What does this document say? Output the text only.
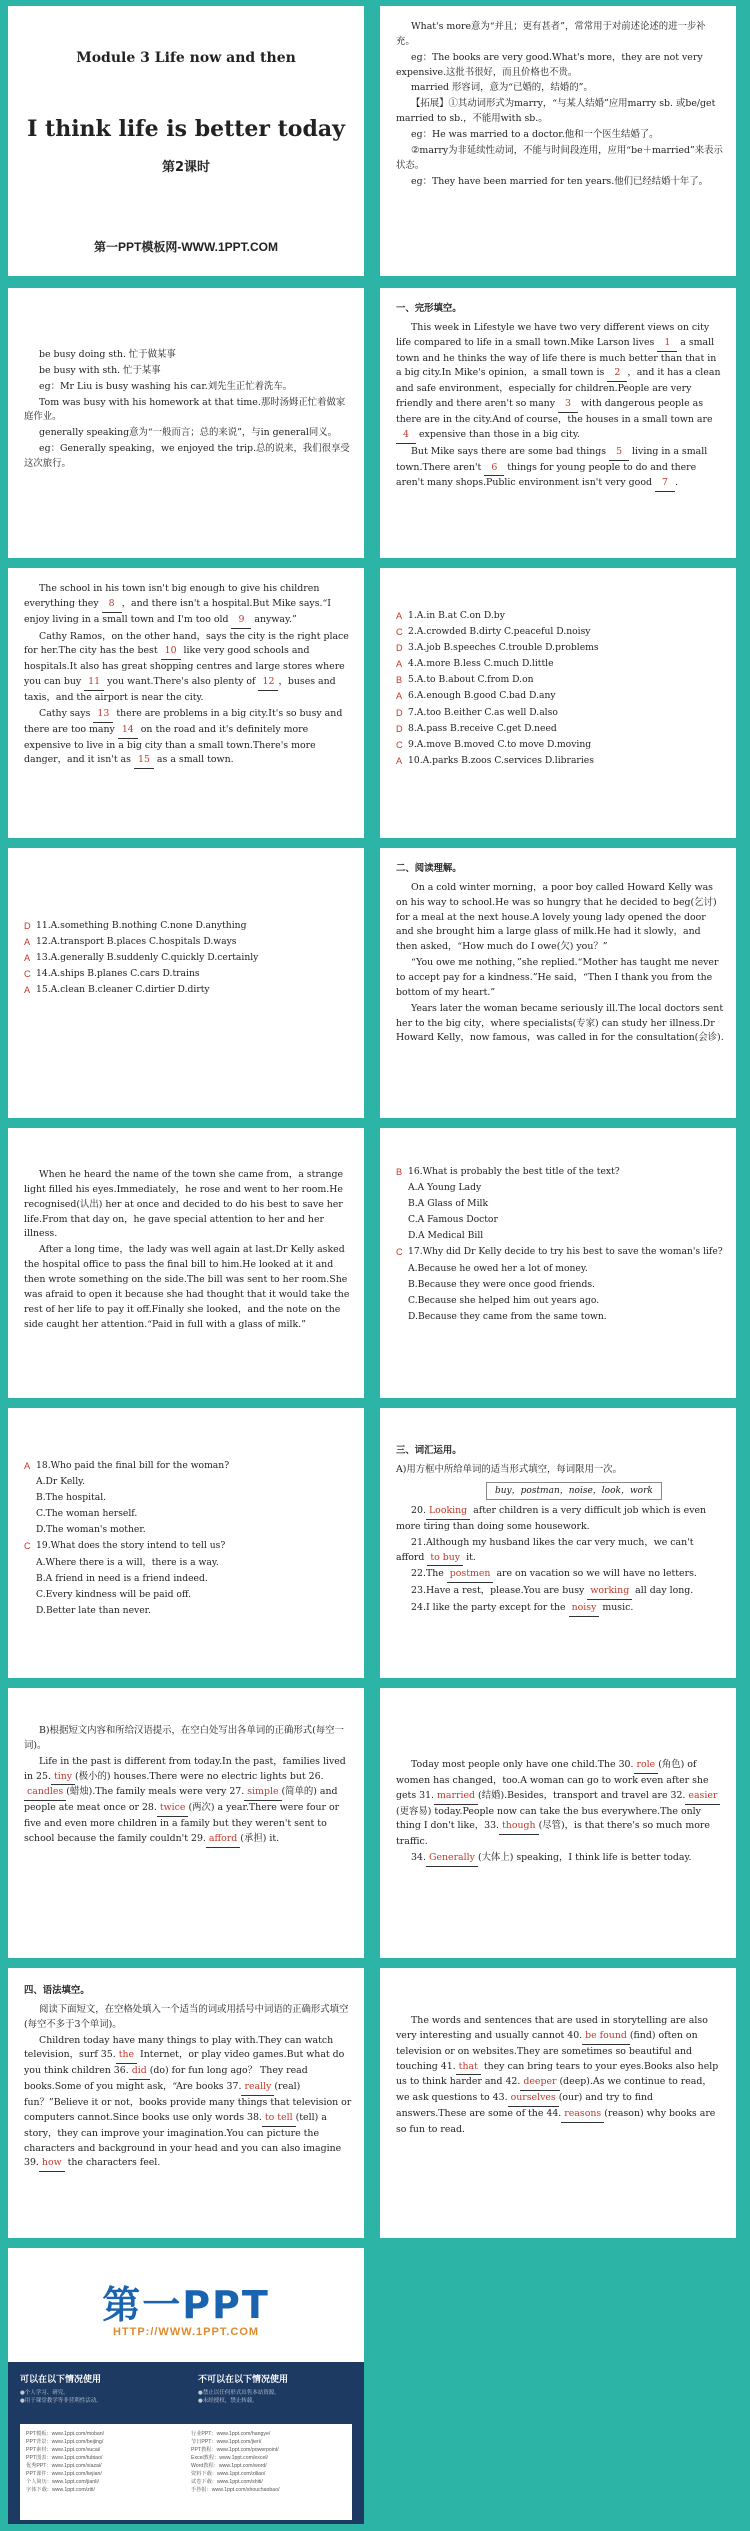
Module 3 Life now and then
I think life is better today
第2课时
第一PPT模板网-WWW.1PPT.COM

What's more意为“并且；更有甚者”，常常用于对前述论述的进一步补充。

eg：The books are very good.What's more，they are not very expensive.这批书很好，而且价格也不贵。

married 形容词，意为“已婚的，结婚的”。

【拓展】①其动词形式为marry，“与某人结婚”应用marry sb. 或be/get married to sb.，不能用with sb.。

eg：He was married to a doctor.他和一个医生结婚了。

②marry为非延续性动词，不能与时间段连用，应用“be＋married”来表示状态。

eg：They have been married for ten years.他们已经结婚十年了。

be busy doing sth. 忙于做某事

be busy with sth. 忙于某事

eg：Mr Liu is busy washing his car.刘先生正忙着洗车。

Tom was busy with his homework at that time.那时汤姆正忙着做家庭作业。

generally speaking意为“一般而言；总的来说”，与in general同义。

eg：Generally speaking，we enjoyed the trip.总的说来，我们很享受这次旅行。

一、完形填空。

This week in Lifestyle we have two very different views on city life compared to life in a small town.Mike Larson lives 1 a small town and he thinks the way of life there is much better than that in a big city.In Mike's opinion，a small town is 2 ，and it has a clean and safe environment，especially for children.People are very friendly and there aren't so many 3 with dangerous people as there are in the city.And of course，the houses in a small town are 4 expensive than those in a big city.

But Mike says there are some bad things 5 living in a small town.There aren't 6 things for young people to do and there aren't many shops.Public environment isn't very good 7 .

The school in his town isn't big enough to give his children everything they 8 ，and there isn't a hospital.But Mike says.“I enjoy living in a small town and I'm too old 9 anyway.”

Cathy Ramos，on the other hand，says the city is the right place for her.The city has the best 10 like very good schools and hospitals.It also has great shopping centres and large stores where you can buy 11 you want.There's also plenty of 12 ，buses and taxis，and the airport is near the city.

Cathy says 13 there are problems in a big city.It's so busy and there are too many 14 on the road and it's definitely more expensive to live in a big city than a small town.There's more danger，and it isn't as 15 as a small town.

A 1.A.in B.at C.on D.by
C 2.A.crowded B.dirty C.peaceful D.noisy
D 3.A.job B.speeches C.trouble D.problems
A 4.A.more B.less C.much D.little
B 5.A.to B.about C.from D.on
A 6.A.enough B.good C.bad D.any
D 7.A.too B.either C.as well D.also
D 8.A.pass B.receive C.get D.need
C 9.A.move B.moved C.to move D.moving
A 10.A.parks B.zoos C.services D.libraries
D 11.A.something B.nothing C.none D.anything
A 12.A.transport B.places C.hospitals D.ways
A 13.A.generally B.suddenly C.quickly D.certainly
C 14.A.ships B.planes C.cars D.trains
A 15.A.clean B.cleaner C.dirtier D.dirty
二、阅读理解。

On a cold winter morning，a poor boy called Howard Kelly was on his way to school.He was so hungry that he decided to beg(乞讨) for a meal at the next house.A lovely young lady opened the door and she brought him a large glass of milk.He had it slowly，and then asked，“How much do I owe(欠) you？”

“You owe me nothing，”she replied.“Mother has taught me never to accept pay for a kindness.”He said，“Then I thank you from the bottom of my heart.”

Years later the woman became seriously ill.The local doctors sent her to the big city，where specialists(专家) can study her illness.Dr Howard Kelly，now famous，was called in for the consultation(会诊).

When he heard the name of the town she came from，a strange light filled his eyes.Immediately，he rose and went to her room.He recognised(认出) her at once and decided to do his best to save her life.From that day on，he gave special attention to her and her illness.

After a long time，the lady was well again at last.Dr Kelly asked the hospital office to pass the final bill to him.He looked at it and then wrote something on the side.The bill was sent to her room.She was afraid to open it because she had thought that it would take the rest of her life to pay it off.Finally she looked，and the note on the side caught her attention.“Paid in full with a glass of milk.”

B 16.What is probably the best title of the text?
A.A Young Lady
B.A Glass of Milk
C.A Famous Doctor
D.A Medical Bill
C 17.Why did Dr Kelly decide to try his best to save the woman's life?
A.Because he owed her a lot of money.
B.Because they were once good friends.
C.Because she helped him out years ago.
D.Because they came from the same town.
A 18.Who paid the final bill for the woman?
A.Dr Kelly.
B.The hospital.
C.The woman herself.
D.The woman's mother.
C 19.What does the story intend to tell us?
A.Where there is a will，there is a way.
B.A friend in need is a friend indeed.
C.Every kindness will be paid off.
D.Better late than never.
三、词汇运用。
A)用方框中所给单词的适当形式填空，每词限用一次。
buy，postman，noise，look，work

20. Looking after children is a very difficult job which is even more tiring than doing some housework.

21.Although my husband likes the car very much，we can't afford to buy it.

22.The postmen are on vacation so we will have no letters.

23.Have a rest，please.You are busy working all day long.

24.I like the party except for the noisy music.

B)根据短文内容和所给汉语提示，在空白处写出各单词的正确形式(每空一词)。

Life in the past is different from today.In the past，families lived in 25. tiny (极小的) houses.There were no electric lights but 26.candles (蜡烛).The family meals were very 27. simple (简单的) and people ate meat once or 28. twice (两次) a year.There were four or five and even more children in a family but they weren't sent to school because the family couldn't 29. afford (承担) it.

Today most people only have one child.The 30. role (角色) of women has changed，too.A woman can go to work even after she gets 31. married (结婚).Besides，transport and travel are 32. easier(更容易) today.People now can take the bus everywhere.The only thing I don't like，33. though (尽管)，is that there's so much more traffic.

34. Generally (大体上) speaking，I think life is better today.

四、语法填空。

阅读下面短文，在空格处填入一个适当的词或用括号中词语的正确形式填空(每空不多于3个单词)。

Children today have many things to play with.They can watch television，surf 35. the Internet，or play video games.But what do you think children 36. did (do) for fun long ago？ They read books.Some of you might ask，“Are books 37. really (real) fun？”Believe it or not，books provide many things that television or computers cannot.Since books use only words 38. to tell (tell) a story，they can improve your imagination.You can picture the characters and background in your head and you can also imagine 39. how the characters feel.

The words and sentences that are used in storytelling are also very interesting and usually cannot 40. be found (find) often on television or on websites.They are sometimes so beautiful and touching 41. that they can bring tears to your eyes.Books also help us to think harder and 42. deeper (deep).As we continue to read，we ask questions to 43. ourselves (our) and try to find answers.These are some of the 44. reasons (reason) why books are so fun to read.

第一PPT
HTTP://WWW.1PPT.COM
可以在以下情况使用
●个人学习、研究。
●用于课堂教学等非营利性活动。
不可以在以下情况使用
●禁止以任何形式出售本站资源。
●未经授权，禁止转载。
PPT模板：www.1ppt.com/moban/
PPT背景：www.1ppt.com/beijing/
PPT素材：www.1ppt.com/sucai/
PPT图表：www.1ppt.com/tubiao/
优秀PPT：www.1ppt.com/xiazai/
PPT课件：www.1ppt.com/kejian/
个人简历：www.1ppt.com/jianli/
字体下载：www.1ppt.com/ziti/
行业PPT：www.1ppt.com/hangye/
节日PPT：www.1ppt.com/jieri/
PPT教程：www.1ppt.com/powerpoint/
Excel教程：www.1ppt.com/excel/
Word教程：www.1ppt.com/word/
资料下载：www.1ppt.com/ziliao/
试卷下载：www.1ppt.com/shiti/
手抄报：www.1ppt.com/shouchaobao/
